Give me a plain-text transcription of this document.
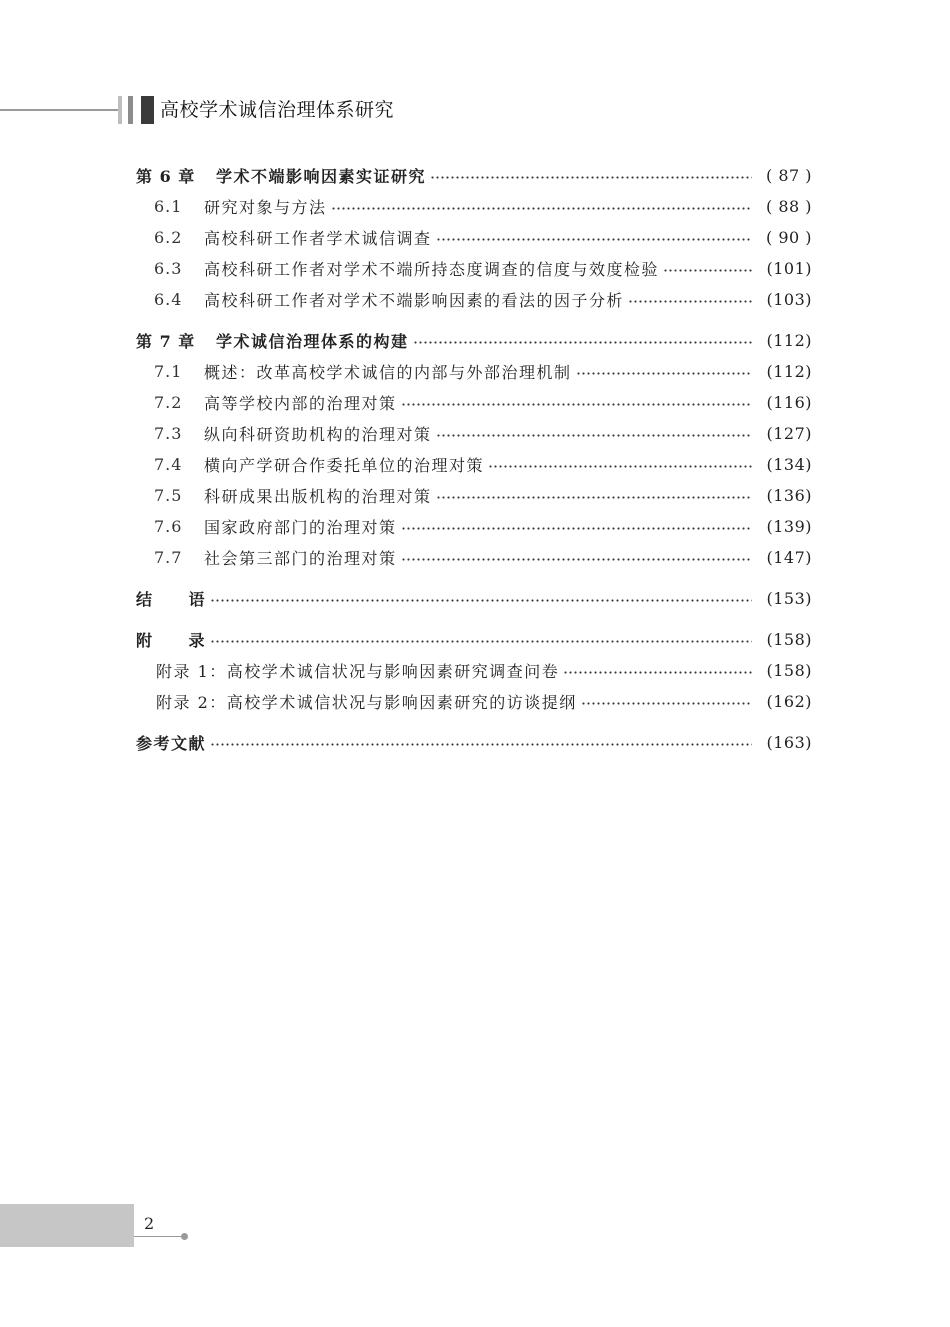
高校学术诚信治理体系研究
第 6 章	学术不端影响因素实证研究	( 87 )
6.1	研究对象与方法	( 88 )
6.2	高校科研工作者学术诚信调查	( 90 )
6.3	高校科研工作者对学术不端所持态度调查的信度与效度检验	(101)
6.4	高校科研工作者对学术不端影响因素的看法的因子分析	(103)
第 7 章	学术诚信治理体系的构建	(112)
7.1	概述：改革高校学术诚信的内部与外部治理机制	(112)
7.2	高等学校内部的治理对策	(116)
7.3	纵向科研资助机构的治理对策	(127)
7.4	横向产学研合作委托单位的治理对策	(134)
7.5	科研成果出版机构的治理对策	(136)
7.6	国家政府部门的治理对策	(139)
7.7	社会第三部门的治理对策	(147)
结　　语	(153)
附　　录	(158)
附录 1：高校学术诚信状况与影响因素研究调查问卷	(158)
附录 2：高校学术诚信状况与影响因素研究的访谈提纲	(162)
参考文献	(163)
2
